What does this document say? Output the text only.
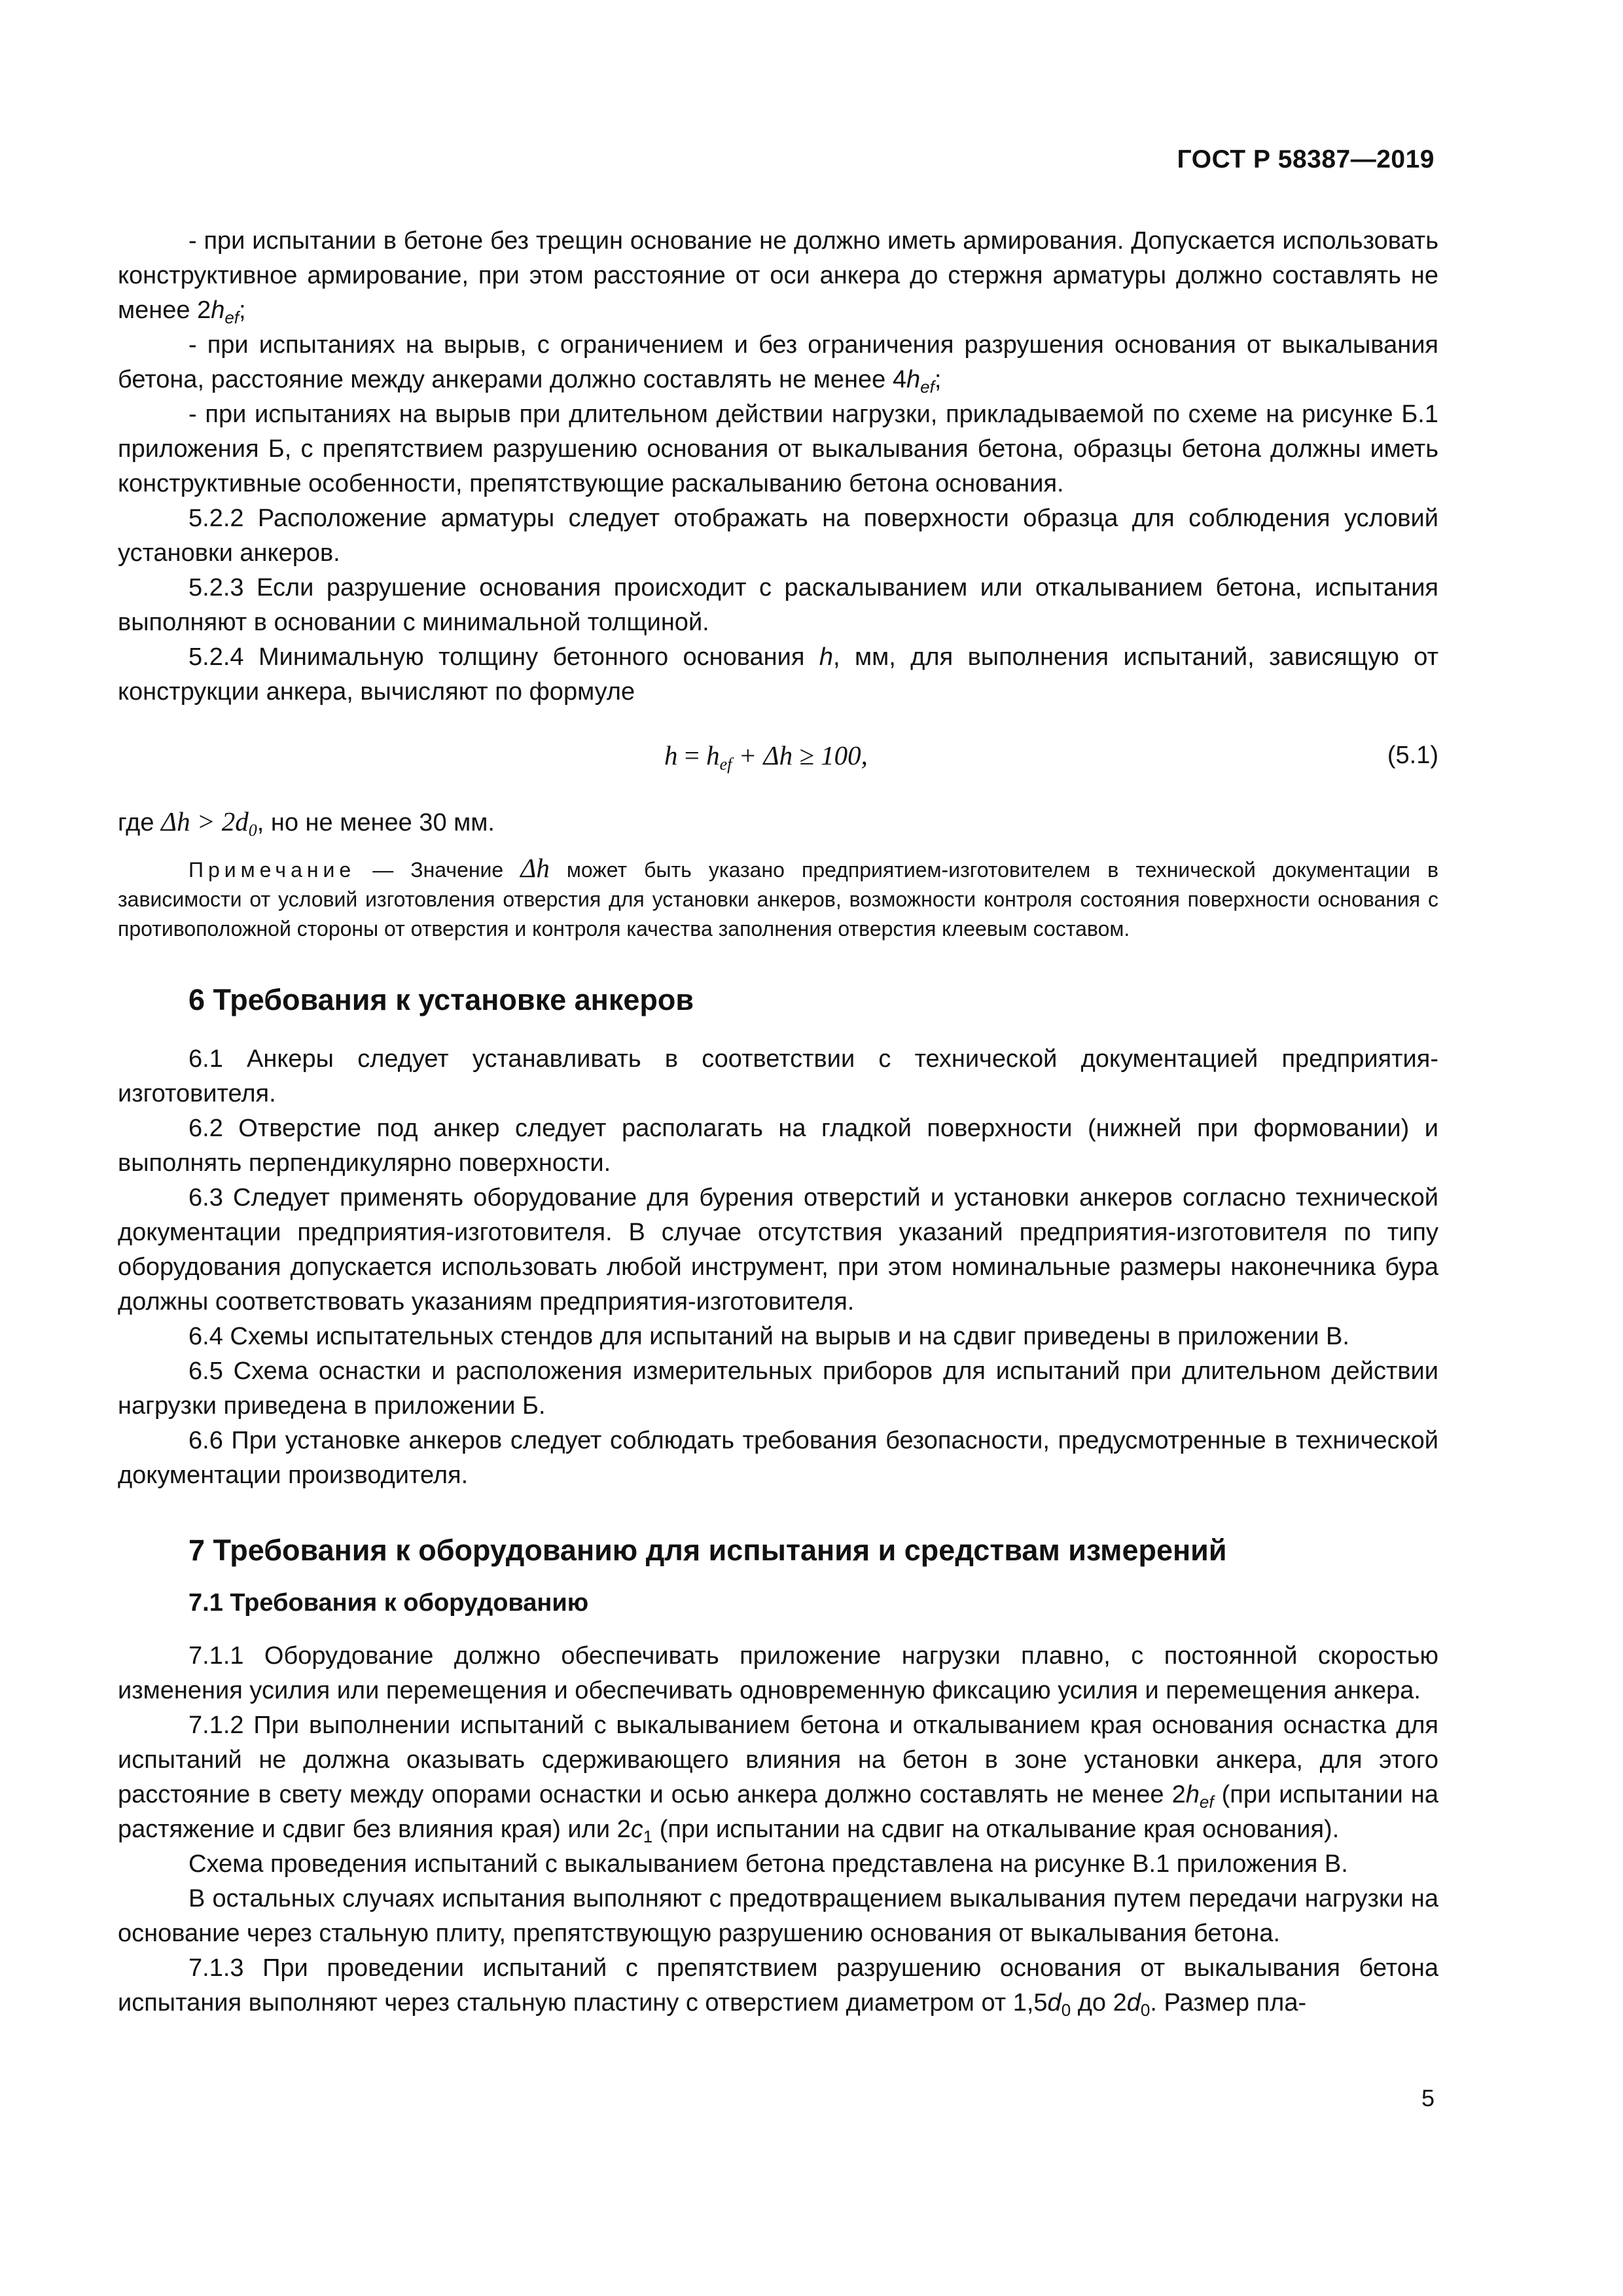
ГОСТ Р 58387—2019

- при испытании в бетоне без трещин основание не должно иметь армирования. Допускается использовать конструктивное армирование, при этом расстояние от оси анкера до стержня арматуры должно составлять не менее $2h_{ef}$;

- при испытаниях на вырыв, с ограничением и без ограничения разрушения основания от выкалывания бетона, расстояние между анкерами должно составлять не менее $4h_{ef}$;

- при испытаниях на вырыв при длительном действии нагрузки, прикладываемой по схеме на рисунке Б.1 приложения Б, с препятствием разрушению основания от выкалывания бетона, образцы бетона должны иметь конструктивные особенности, препятствующие раскалыванию бетона основания.

5.2.2 Расположение арматуры следует отображать на поверхности образца для соблюдения условий установки анкеров.

5.2.3 Если разрушение основания происходит с раскалыванием или откалыванием бетона, испытания выполняют в основании с минимальной толщиной.

5.2.4 Минимальную толщину бетонного основания h, мм, для выполнения испытаний, зависящую от конструкции анкера, вычисляют по формуле

$h = h_{ef} + \Delta h \ge 100$,	(5.1)

где $\Delta h > 2d_0$, но не менее 30 мм.

Примечание — Значение Δh может быть указано предприятием-изготовителем в технической документации в зависимости от условий изготовления отверстия для установки анкеров, возможности контроля состояния поверхности основания с противоположной стороны от отверстия и контроля качества заполнения отверстия клеевым составом.

6 Требования к установке анкеров

6.1 Анкеры следует устанавливать в соответствии с технической документацией предприятия-изготовителя.

6.2 Отверстие под анкер следует располагать на гладкой поверхности (нижней при формовании) и выполнять перпендикулярно поверхности.

6.3 Следует применять оборудование для бурения отверстий и установки анкеров согласно технической документации предприятия-изготовителя. В случае отсутствия указаний предприятия-изготовителя по типу оборудования допускается использовать любой инструмент, при этом номинальные размеры наконечника бура должны соответствовать указаниям предприятия-изготовителя.

6.4 Схемы испытательных стендов для испытаний на вырыв и на сдвиг приведены в приложении В.

6.5 Схема оснастки и расположения измерительных приборов для испытаний при длительном действии нагрузки приведена в приложении Б.

6.6 При установке анкеров следует соблюдать требования безопасности, предусмотренные в технической документации производителя.

7 Требования к оборудованию для испытания и средствам измерений
7.1 Требования к оборудованию

7.1.1 Оборудование должно обеспечивать приложение нагрузки плавно, с постоянной скоростью изменения усилия или перемещения и обеспечивать одновременную фиксацию усилия и перемещения анкера.

7.1.2 При выполнении испытаний с выкалыванием бетона и откалыванием края основания оснастка для испытаний не должна оказывать сдерживающего влияния на бетон в зоне установки анкера, для этого расстояние в свету между опорами оснастки и осью анкера должно составлять не менее $2h_{ef}$ (при испытании на растяжение и сдвиг без влияния края) или $2c_1$ (при испытании на сдвиг на откалывание края основания).

Схема проведения испытаний с выкалыванием бетона представлена на рисунке В.1 приложения В.

В остальных случаях испытания выполняют с предотвращением выкалывания путем передачи нагрузки на основание через стальную плиту, препятствующую разрушению основания от выкалывания бетона.

7.1.3 При проведении испытаний с препятствием разрушению основания от выкалывания бетона испытания выполняют через стальную пластину с отверстием диаметром от $1,5d_0$ до $2d_0$. Размер пла-

5
